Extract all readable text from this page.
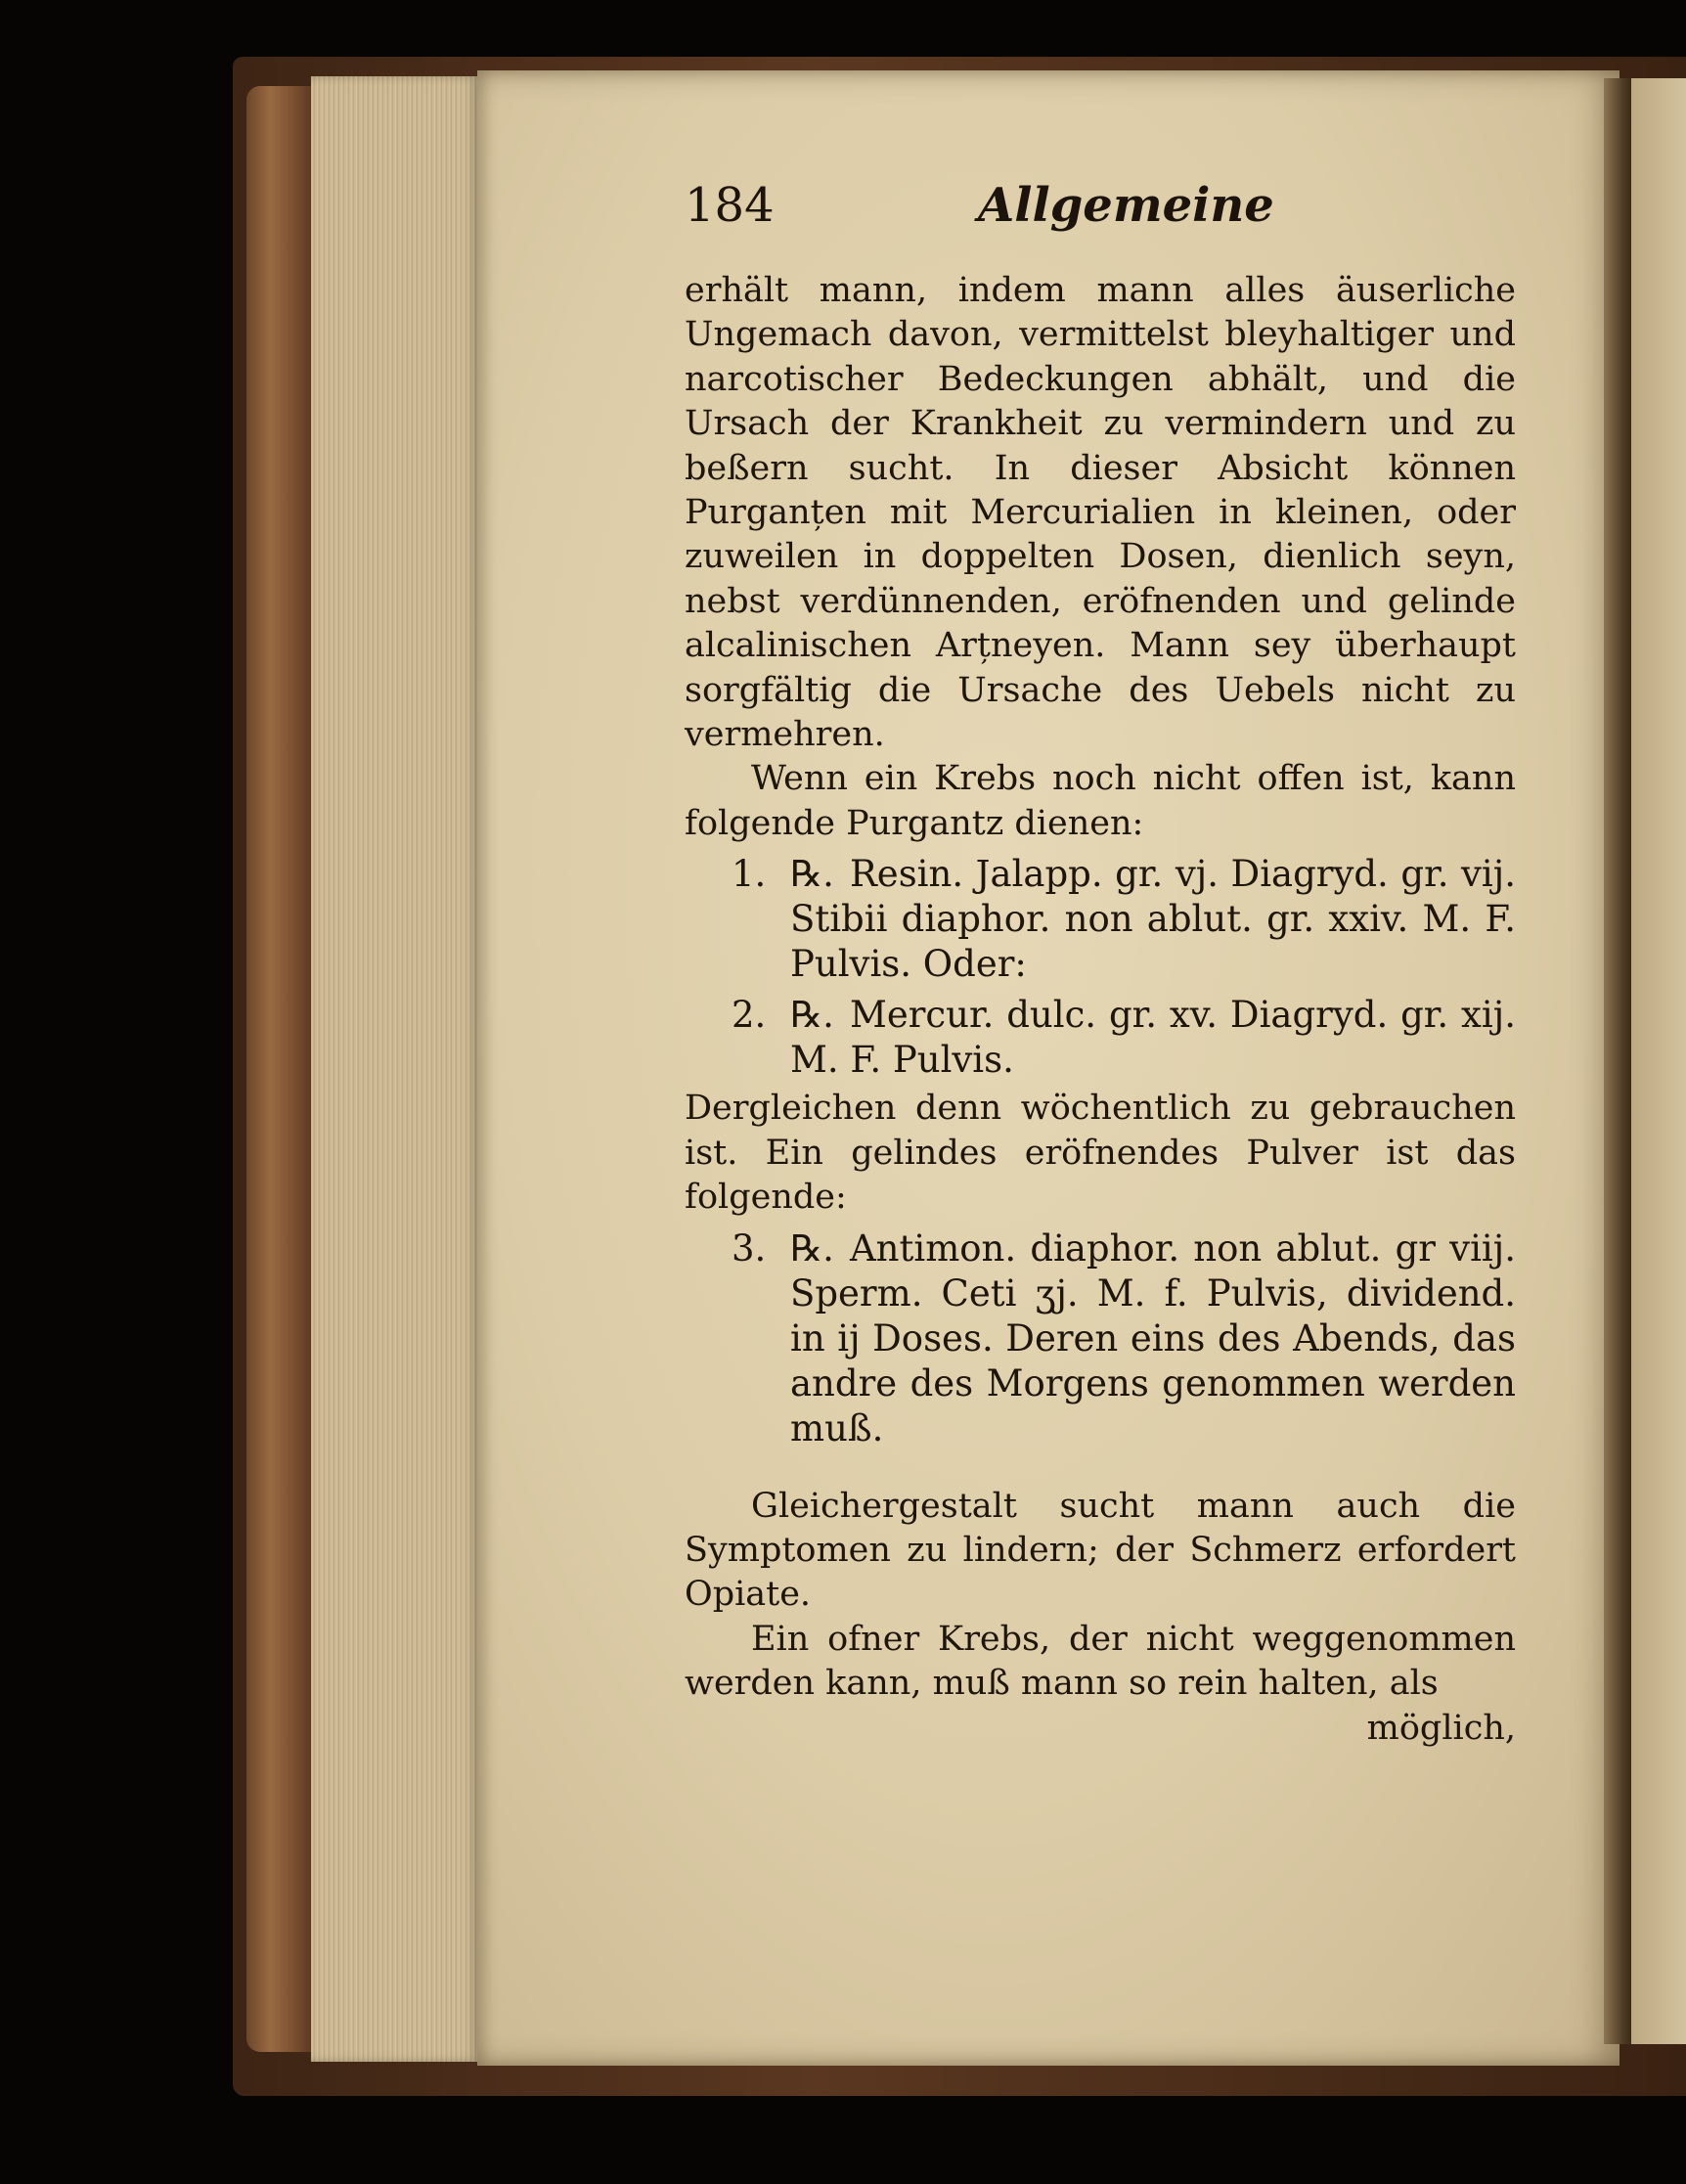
184	Allgemeine

erhält mann, indem mann alles äuserliche Ungemach davon, vermittelst bleyhaltiger und narcotischer Bedeckungen abhält, und die Ursach der Krankheit zu vermindern und zu beßern sucht. In dieser Absicht können Purganțen mit Mercurialien in kleinen, oder zuweilen in doppelten Dosen, dienlich seyn, nebst verdünnenden, eröfnenden und gelinde alcalinischen Arțneyen. Mann sey überhaupt sorgfältig die Ursache des Uebels nicht zu vermehren.

Wenn ein Krebs noch nicht offen ist, kann folgende Purgantz dienen:

1. ℞. Resin. Jalapp. gr. vj. Diagryd. gr. vij. Stibii diaphor. non ablut. gr. xxiv. M. F. Pulvis. Oder:
2. ℞. Mercur. dulc. gr. xv. Diagryd. gr. xij. M. F. Pulvis.

Dergleichen denn wöchentlich zu gebrauchen ist. Ein gelindes eröfnendes Pulver ist das folgende:

3. ℞. Antimon. diaphor. non ablut. gr viij. Sperm. Ceti ʒj. M. f. Pulvis, dividend. in ij Doses. Deren eins des Abends, das andre des Morgens genommen werden muß.

Gleichergestalt sucht mann auch die Symptomen zu lindern; der Schmerz erfordert Opiate.

Ein ofner Krebs, der nicht weggenommen werden kann, muß mann so rein halten, als

möglich,
